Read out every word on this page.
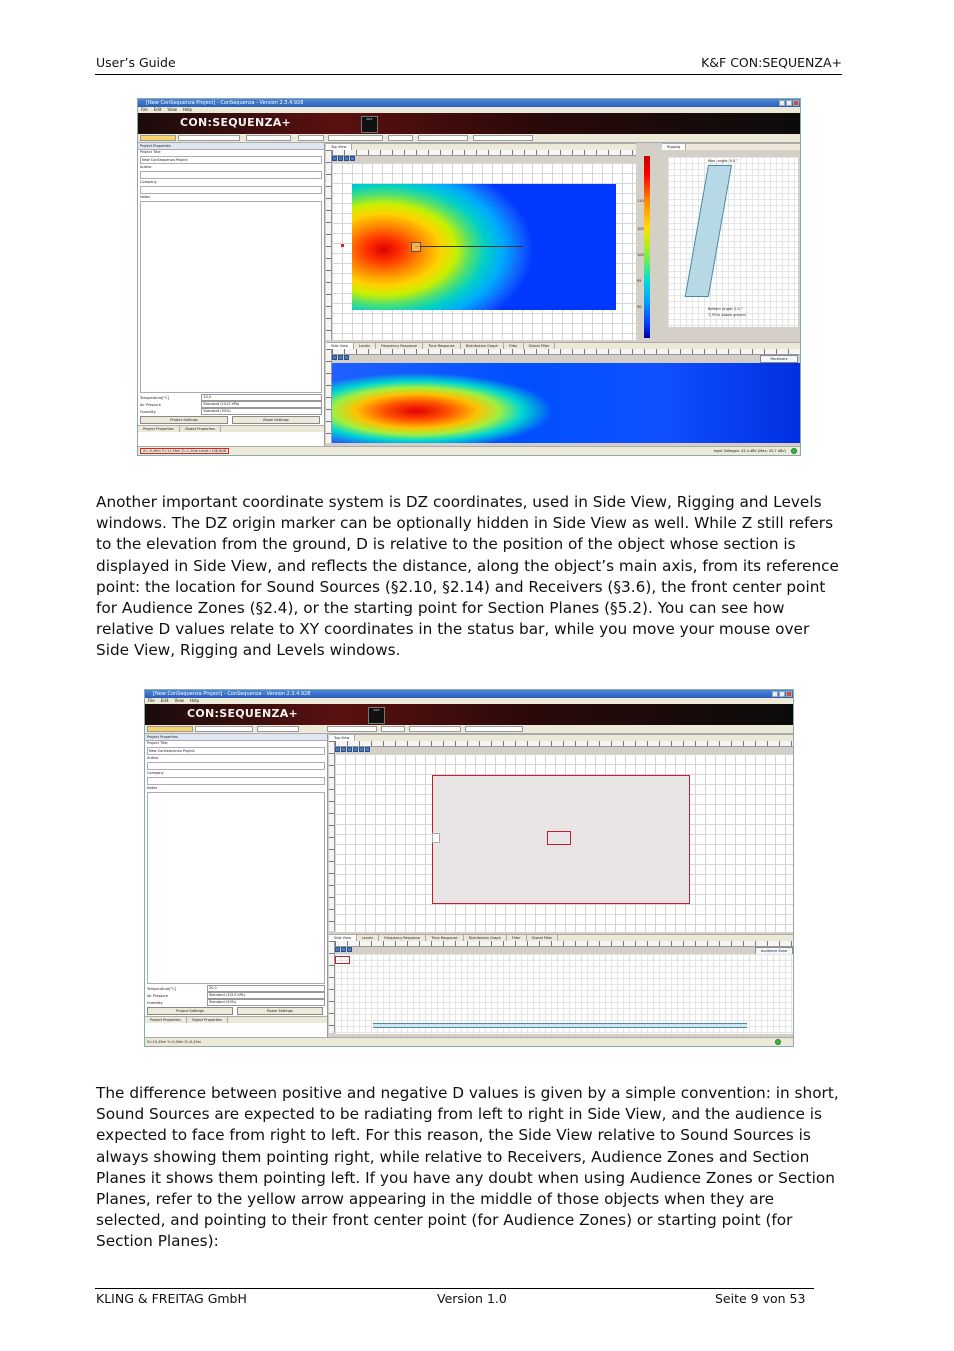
User’s Guide	K&F CON:SEQUENZA+
[New ConSequenza Project] - ConSequenza - Version 2.3.4.928
File Edit View Help
CON:SEQUENZA+	K&F
Project Properties
Project Title
New ConSequenza Project
Author
Company
Notes
Temperature[°C]	20,0
Air Pressure	Standard (1013 hPa)
Humidity	Standard (50%)
Project Settings	Room Settings
Project Properties	Object Properties
Top View
110
105
100
95
90
Rigging
Max. angle: 8.5 °
Bottom Angle: 2.0 °
7,39 m above ground
Side View	Levels	Frequency Response	Time Response	Distribution Graph	Filter	Global Filter
Receivers
X=-9,49m Y=11,95m Z=1,20m Level=108,8dB	Input Voltages: 43,4 dBV (Max: 43,7 dBV)

Another important coordinate system is DZ coordinates, used in Side View, Rigging and Levels windows. The DZ origin marker can be optionally hidden in Side View as well. While Z still refers to the elevation from the ground, D is relative to the position of the object whose section is displayed in Side View, and reflects the distance, along the object’s main axis, from its reference point: the location for Sound Sources (§2.10, §2.14) and Receivers (§3.6), the front center point for Audience Zones (§2.4), or the starting point for Section Planes (§5.2). You can see how relative D values relate to XY coordinates in the status bar, while you move your mouse over Side View, Rigging and Levels windows.

[New ConSequenza Project] - ConSequenza - Version 2.3.4.928
File Edit View Help
CON:SEQUENZA+	K&F
Project Properties
Project Title
New ConSequenza Project
Author
Company
Notes
Temperature[°C]	20,0
Air Pressure	Standard (1013 hPa)
Humidity	Standard (50%)
Project Settings	Room Settings
Project Properties	Object Properties
Top View
Side View	Levels	Frequency Response	Time Response	Distribution Graph	Filter	Global Filter
Audience Zone
D=15,49m Y=0,00m Z=0,45m

The difference between positive and negative D values is given by a simple convention: in short, Sound Sources are expected to be radiating from left to right in Side View, and the audience is expected to face from right to left. For this reason, the Side View relative to Sound Sources is always showing them pointing right, while relative to Receivers, Audience Zones and Section Planes it shows them pointing left. If you have any doubt when using Audience Zones or Section Planes, refer to the yellow arrow appearing in the middle of those objects when they are selected, and pointing to their front center point (for Audience Zones) or starting point (for Section Planes):

KLING & FREITAG GmbH	Version 1.0	Seite 9 von 53
